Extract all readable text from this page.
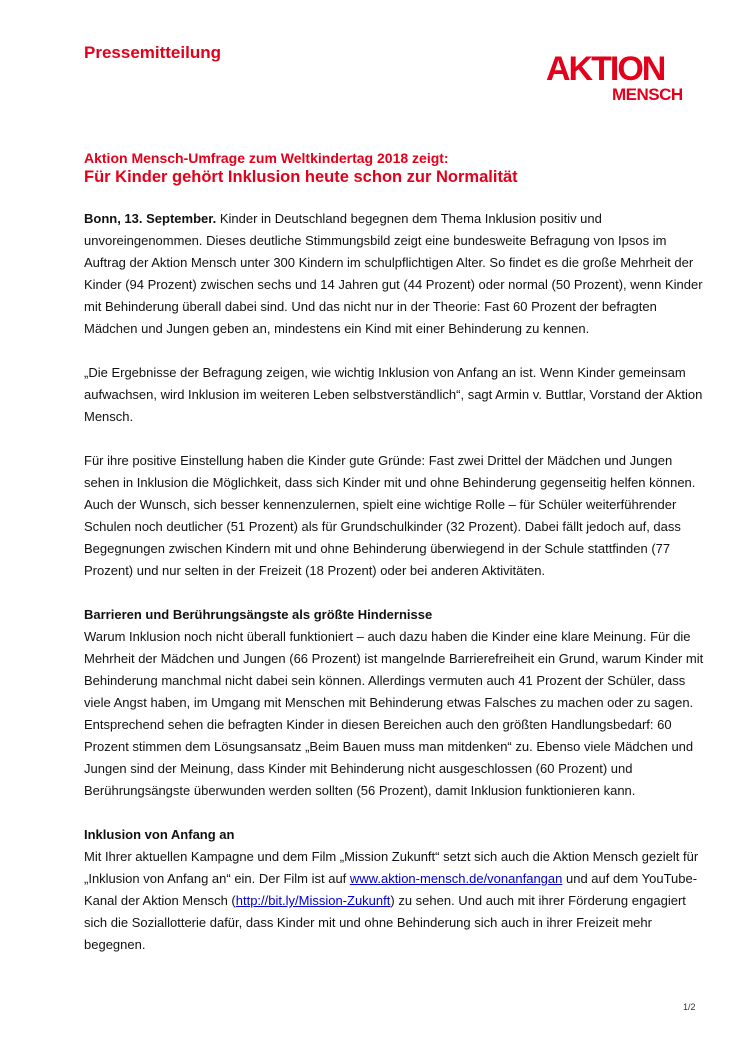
Pressemitteilung	AKTION
MENSCH
Aktion Mensch-Umfrage zum Weltkindertag 2018 zeigt:
Für Kinder gehört Inklusion heute schon zur Normalität

Bonn, 13. September. Kinder in Deutschland begegnen dem Thema Inklusion positiv und unvoreingenommen. Dieses deutliche Stimmungsbild zeigt eine bundesweite Befragung von Ipsos im Auftrag der Aktion Mensch unter 300 Kindern im schulpflichtigen Alter. So findet es die große Mehrheit der Kinder (94 Prozent) zwischen sechs und 14 Jahren gut (44 Prozent) oder normal (50 Prozent), wenn Kinder mit Behinderung überall dabei sind. Und das nicht nur in der Theorie: Fast 60 Prozent der befragten Mädchen und Jungen geben an, mindestens ein Kind mit einer Behinderung zu kennen.

„Die Ergebnisse der Befragung zeigen, wie wichtig Inklusion von Anfang an ist. Wenn Kinder gemeinsam aufwachsen, wird Inklusion im weiteren Leben selbstverständlich“, sagt Armin v. Buttlar, Vorstand der Aktion Mensch.

Für ihre positive Einstellung haben die Kinder gute Gründe: Fast zwei Drittel der Mädchen und Jungen sehen in Inklusion die Möglichkeit, dass sich Kinder mit und ohne Behinderung gegenseitig helfen können. Auch der Wunsch, sich besser kennenzulernen, spielt eine wichtige Rolle – für Schüler weiterführender Schulen noch deutlicher (51 Prozent) als für Grundschulkinder (32 Prozent). Dabei fällt jedoch auf, dass Begegnungen zwischen Kindern mit und ohne Behinderung überwiegend in der Schule stattfinden (77 Prozent) und nur selten in der Freizeit (18 Prozent) oder bei anderen Aktivitäten.

Barrieren und Berührungsängste als größte Hindernisse
Warum Inklusion noch nicht überall funktioniert – auch dazu haben die Kinder eine klare Meinung. Für die Mehrheit der Mädchen und Jungen (66 Prozent) ist mangelnde Barrierefreiheit ein Grund, warum Kinder mit Behinderung manchmal nicht dabei sein können. Allerdings vermuten auch 41 Prozent der Schüler, dass viele Angst haben, im Umgang mit Menschen mit Behinderung etwas Falsches zu machen oder zu sagen. Entsprechend sehen die befragten Kinder in diesen Bereichen auch den größten Handlungsbedarf: 60 Prozent stimmen dem Lösungsansatz „Beim Bauen muss man mitdenken“ zu. Ebenso viele Mädchen und Jungen sind der Meinung, dass Kinder mit Behinderung nicht ausgeschlossen (60 Prozent) und Berührungsängste überwunden werden sollten (56 Prozent), damit Inklusion funktionieren kann.

Inklusion von Anfang an
Mit Ihrer aktuellen Kampagne und dem Film „Mission Zukunft“ setzt sich auch die Aktion Mensch gezielt für „Inklusion von Anfang an“ ein. Der Film ist auf www.aktion-mensch.de/vonanfangan und auf dem YouTube-Kanal der Aktion Mensch (http://bit.ly/Mission-Zukunft) zu sehen. Und auch mit ihrer Förderung engagiert sich die Soziallotterie dafür, dass Kinder mit und ohne Behinderung sich auch in ihrer Freizeit mehr begegnen.

1/2
